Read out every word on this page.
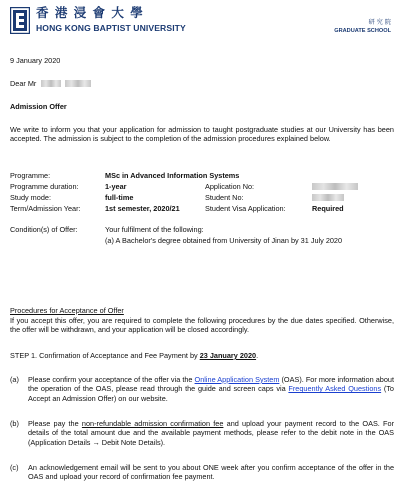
香 港 浸 會 大 學
HONG KONG BAPTIST UNIVERSITY
研 究 院
GRADUATE SCHOOL
9 January 2020
Dear Mr
Admission Offer
We write to inform you that your application for admission to taught postgraduate studies at our University has been accepted. The admission is subject to the completion of the admission procedures explained below.
Programme:	MSc in Advanced Information Systems
Programme duration:	1-year	Application No:
Study mode:	full-time	Student No:
Term/Admission Year:	1st semester, 2020/21	Student Visa Application:	Required
Condition(s) of Offer:	Your fulfilment of the following:
(a) A Bachelor's degree obtained from University of Jinan by 31 July 2020
Procedures for Acceptance of Offer
If you accept this offer, you are required to complete the following procedures by the due dates specified. Otherwise, the offer will be withdrawn, and your application will be closed accordingly.
STEP 1. Confirmation of Acceptance and Fee Payment by 23 January 2020.
(a) Please confirm your acceptance of the offer via the Online Application System (OAS). For more information about the operation of the OAS, please read through the guide and screen caps via Frequently Asked Questions (To Accept an Admission Offer) on our website.
(b) Please pay the non-refundable admission confirmation fee and upload your payment record to the OAS. For details of the total amount due and the available payment methods, please refer to the debit note in the OAS (Application Details → Debit Note Details).
(c) An acknowledgement email will be sent to you about ONE week after you confirm acceptance of the offer in the OAS and upload your record of confirmation fee payment.
